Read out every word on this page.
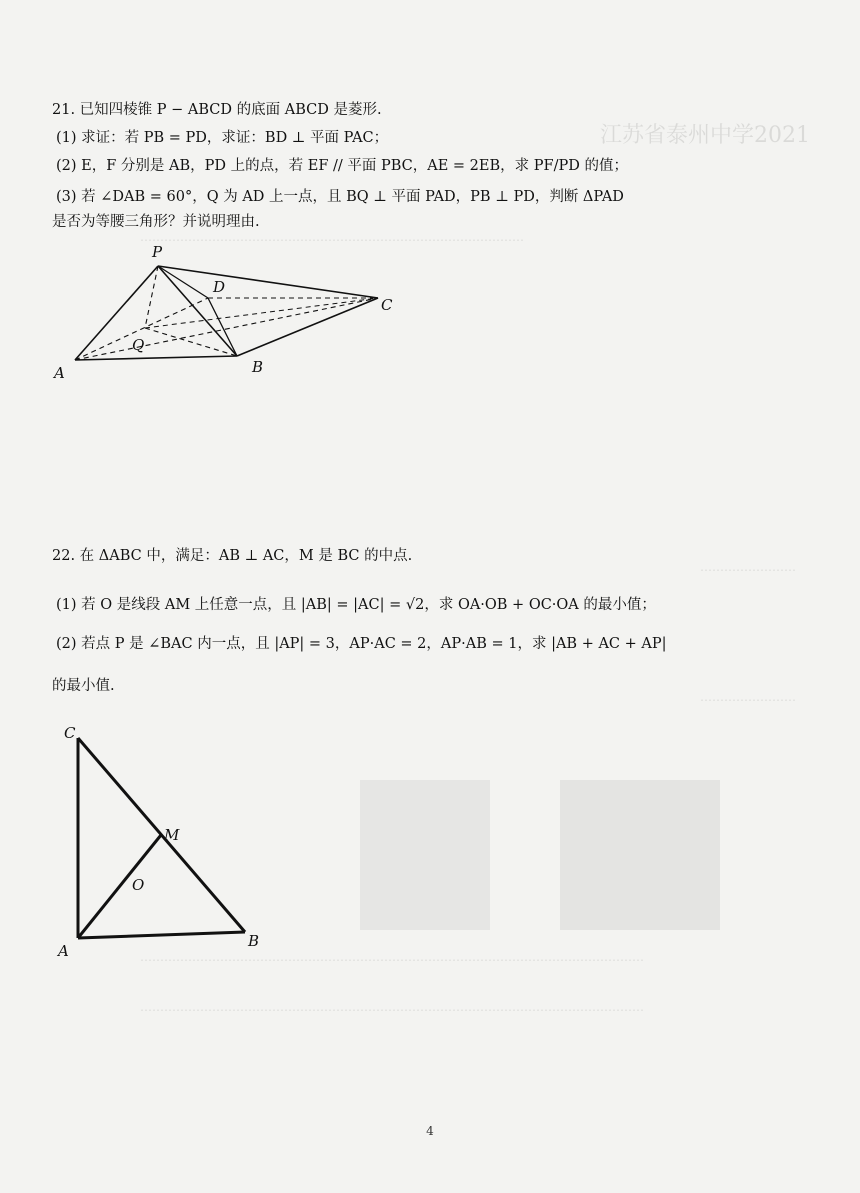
江苏省泰州中学2021
……………………………………………………………………………………
……………………
……………………
………………………………………………………………………………………………………………
………………………………………………………………………………………………………………
21. 已知四棱锥 P − ABCD 的底面 ABCD 是菱形.
(1) 求证：若 PB = PD，求证：BD ⊥ 平面 PAC；
(2) E，F 分别是 AB，PD 上的点，若 EF // 平面 PBC，AE = 2EB，求 PF/PD 的值；
(3) 若 ∠DAB = 60°，Q 为 AD 上一点，且 BQ ⊥ 平面 PAD，PB ⊥ PD，判断 ΔPAD
是否为等腰三角形？并说明理由.
P
D
C
Q
A	B
22. 在 ΔABC 中，满足：AB ⊥ AC，M 是 BC 的中点.
(1) 若 O 是线段 AM 上任意一点，且 |AB| = |AC| = √2，求 OA·OB + OC·OA 的最小值；
(2) 若点 P 是 ∠BAC 内一点，且 |AP| = 3，AP·AC = 2，AP·AB = 1，求 |AB + AC + AP|
的最小值.
C
M
O
A
B
4
